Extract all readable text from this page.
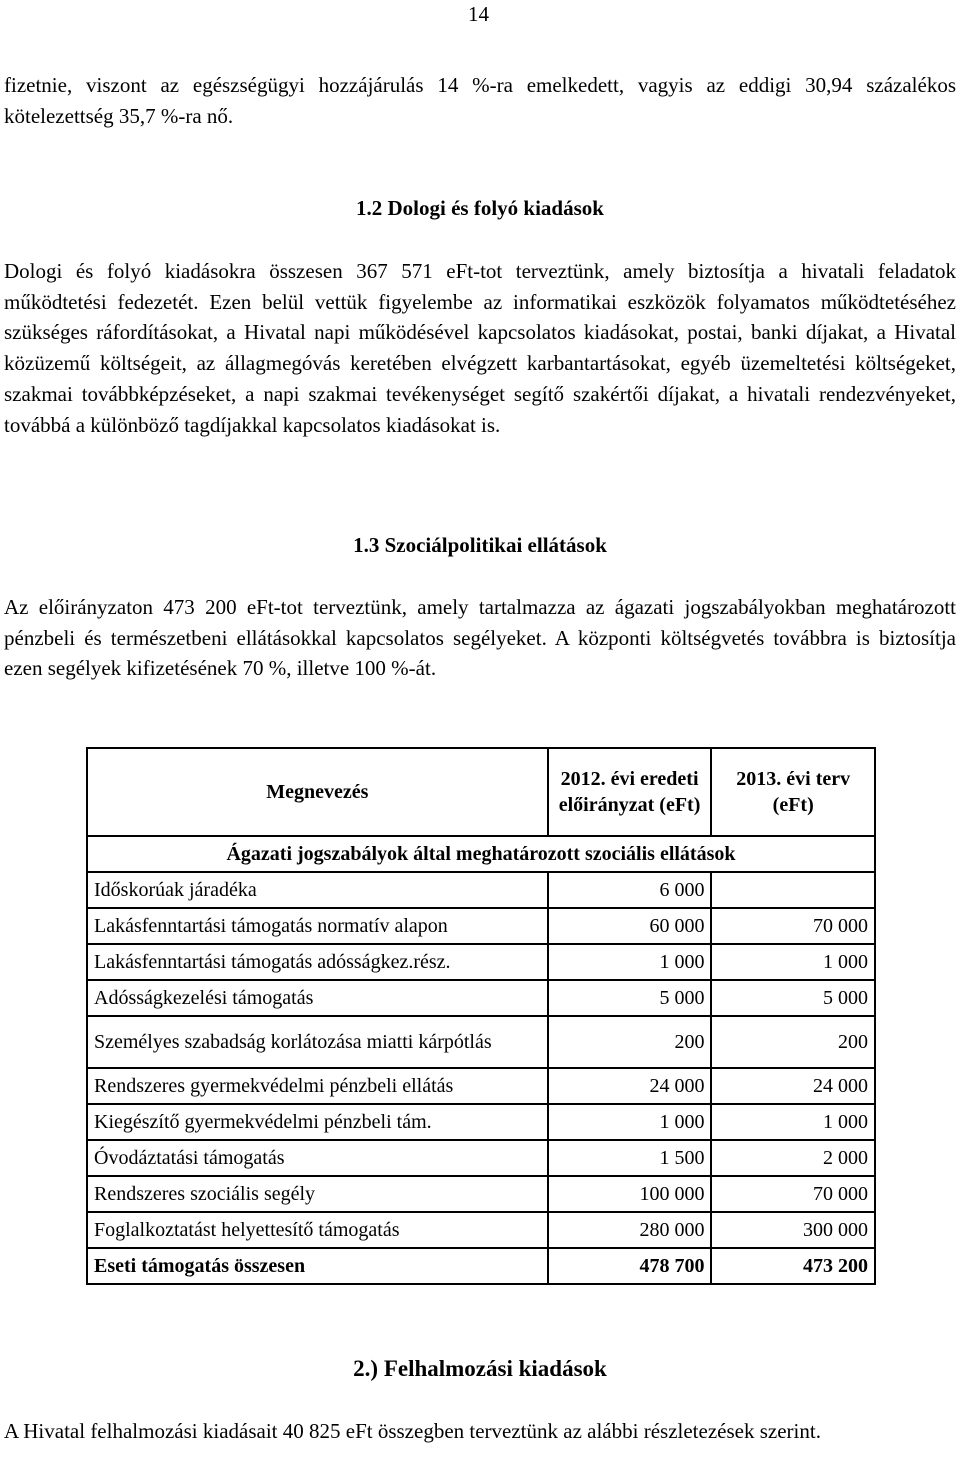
14

fizetnie, viszont az egészségügyi hozzájárulás 14 %-ra emelkedett, vagyis az eddigi 30,94 százalékos kötelezettség 35,7 %-ra nő.

1.2 Dologi és folyó kiadások

Dologi és folyó kiadásokra összesen 367 571 eFt-tot terveztünk, amely biztosítja a hivatali feladatok működtetési fedezetét. Ezen belül vettük figyelembe az informatikai eszközök folyamatos működtetéséhez szükséges ráfordításokat, a Hivatal napi működésével kapcsolatos kiadásokat, postai, banki díjakat, a Hivatal közüzemű költségeit, az állagmegóvás keretében elvégzett karbantartásokat, egyéb üzemeltetési költségeket, szakmai továbbképzéseket, a napi szakmai tevékenységet segítő szakértői díjakat, a hivatali rendezvényeket, továbbá a különböző tagdíjakkal kapcsolatos kiadásokat is.

1.3 Szociálpolitikai ellátások

Az előirányzaton 473 200 eFt-tot terveztünk, amely tartalmazza az ágazati jogszabályokban meghatározott pénzbeli és természetbeni ellátásokkal kapcsolatos segélyeket. A központi költségvetés továbbra is biztosítja ezen segélyek kifizetésének 70 %, illetve 100 %-át.

Megnevezés	2012. évi eredeti előirányzat (eFt)	2013. évi terv (eFt)
Ágazati jogszabályok által meghatározott szociális ellátások		
Időskorúak járadéka	6 000	
Lakásfenntartási támogatás normatív alapon	60 000	70 000
Lakásfenntartási támogatás adósságkez.rész.	1 000	1 000
Adósságkezelési támogatás	5 000	5 000
Személyes szabadság korlátozása miatti kárpótlás	200	200
Rendszeres gyermekvédelmi pénzbeli ellátás	24 000	24 000
Kiegészítő gyermekvédelmi pénzbeli tám.	1 000	1 000
Óvodáztatási támogatás	1 500	2 000
Rendszeres szociális segély	100 000	70 000
Foglalkoztatást helyettesítő támogatás	280 000	300 000
Eseti támogatás összesen	478 700	473 200
2.) Felhalmozási kiadások

A Hivatal felhalmozási kiadásait 40 825 eFt összegben terveztünk az alábbi részletezések szerint.
